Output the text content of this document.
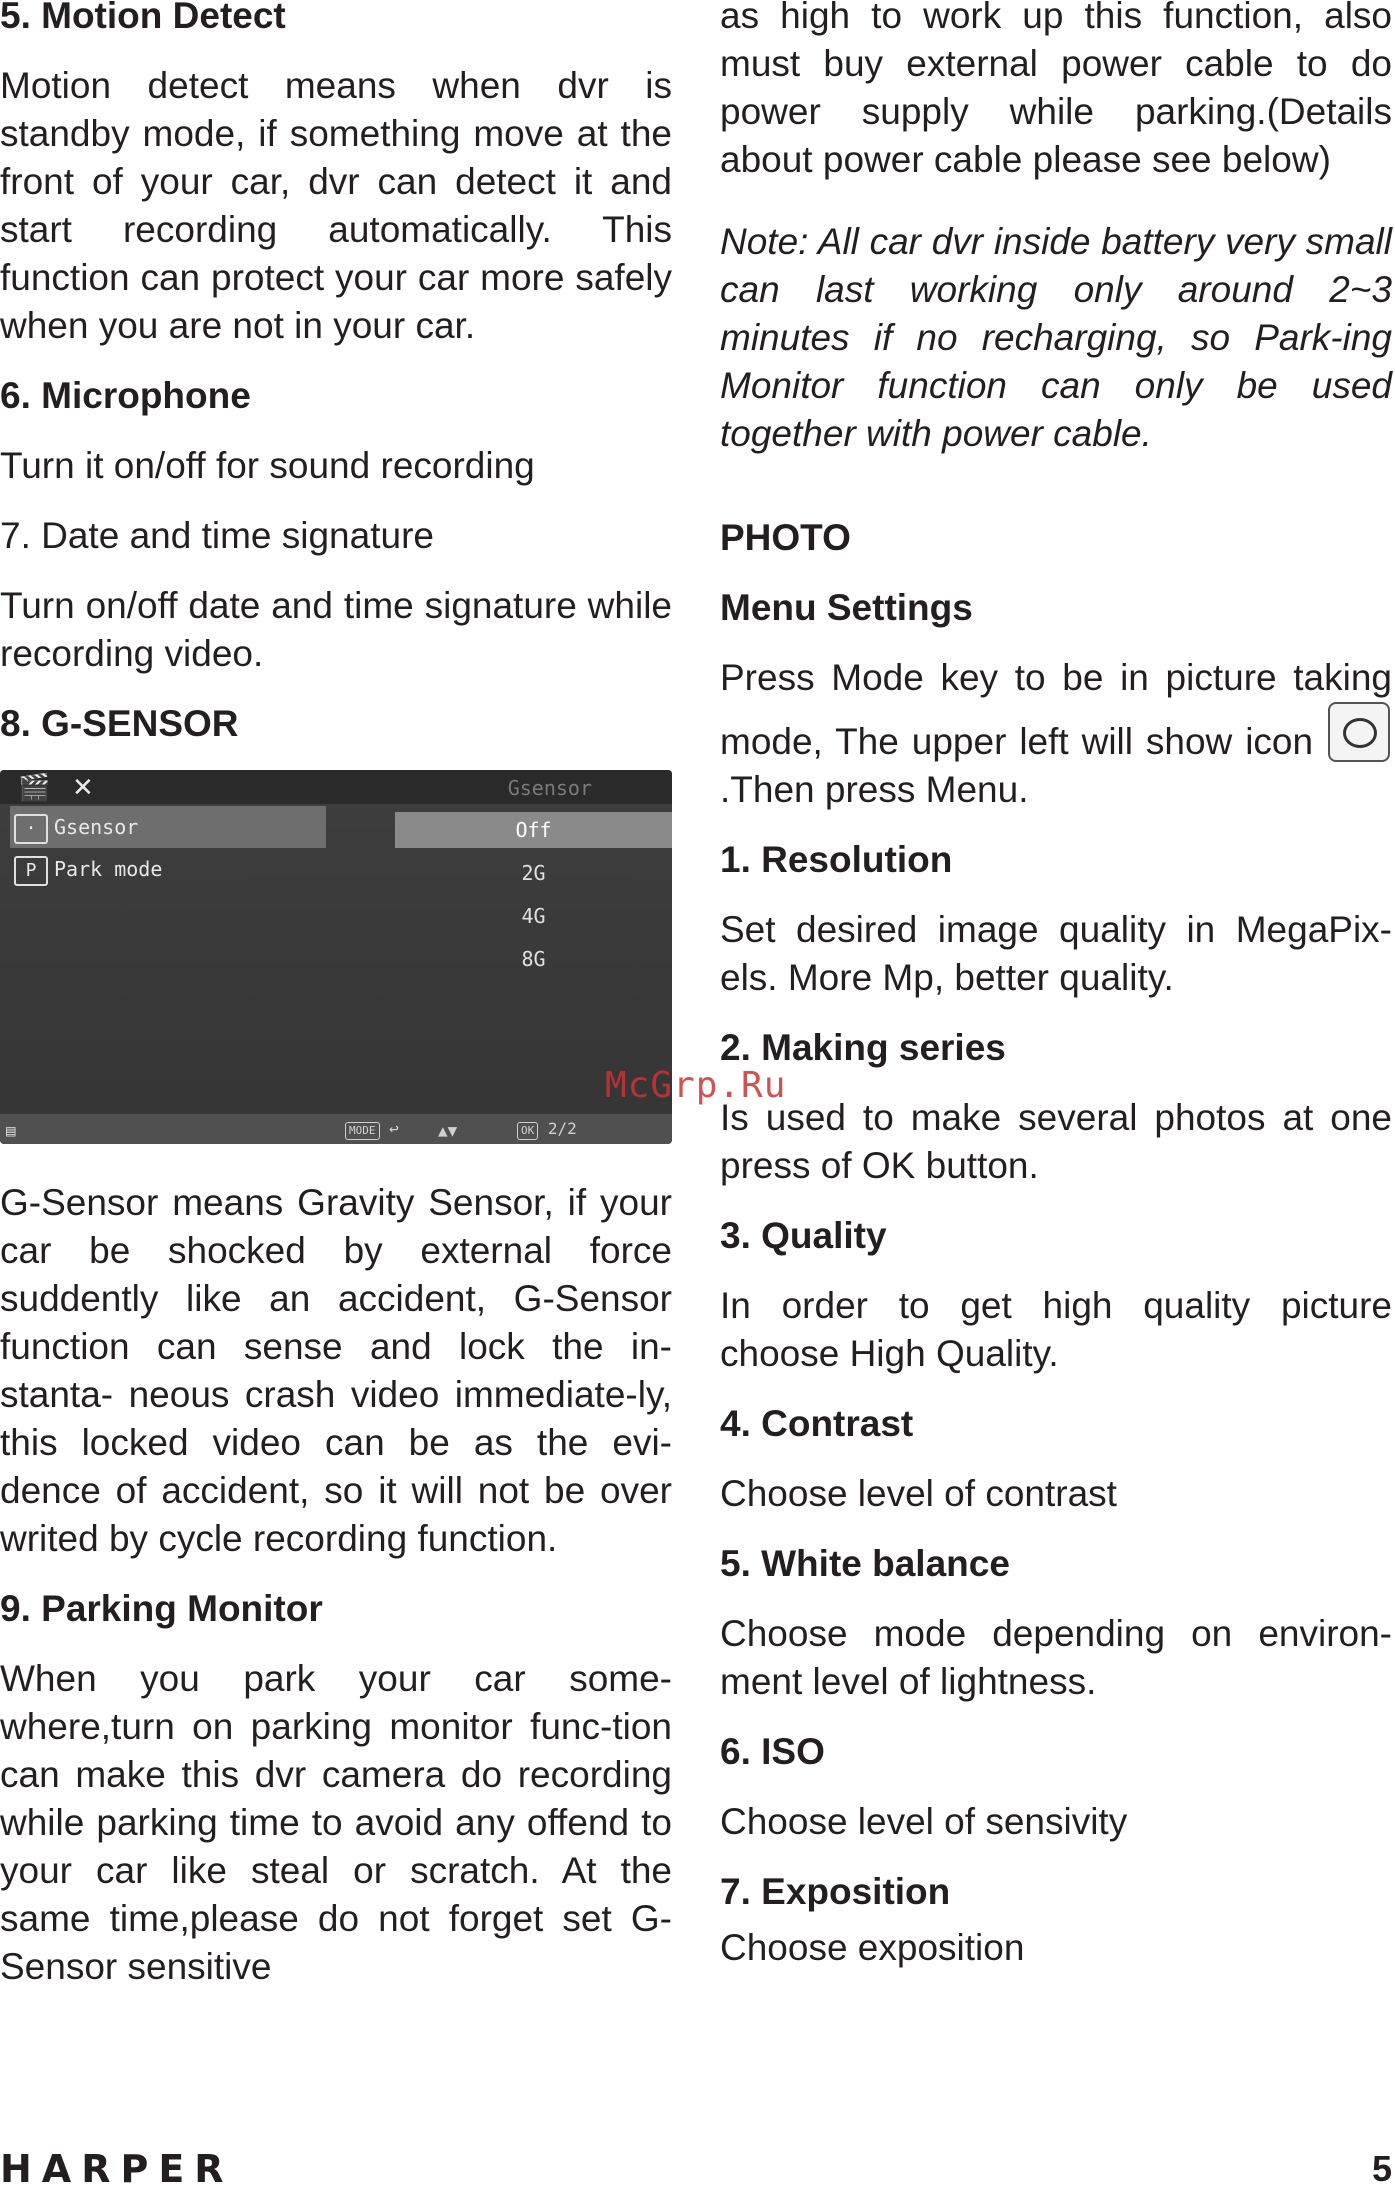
5. Motion Detect

Motion detect means when dvr is standby mode, if something move at the front of your car, dvr can detect it and start recording automatically. This function can protect your car more safely when you are not in your car.

6. Microphone

Turn it on/off for sound recording

7. Date and time signature

Turn on/off date and time signature while recording video.

8. G-SENSOR

🎬 ✕	Gsensor
· Gsensor
P Park mode
Off
2G
4G
8G
▤	MODE ↩ ▲▼	OK 2/2

G-Sensor means Gravity Sensor, if your car be shocked by external force suddently like an accident, G-Sensor function can sense and lock the in-stanta- neous crash video immediate-ly, this locked video can be as the evi-dence of accident, so it will not be over writed by cycle recording function.

9. Parking Monitor

When you park your car some-where,turn on parking monitor func-tion can make this dvr camera do recording while parking time to avoid any offend to your car like steal or scratch. At the same time,please do not forget set G-Sensor sensitive

as high to work up this function, also must buy external power cable to do power supply while parking.(Details about power cable please see below)

Note: All car dvr inside battery very small can last working only around 2~3 minutes if no recharging, so Park-ing Monitor function can only be used together with power cable.

PHOTO

Menu Settings

Press Mode key to be in picture taking mode, The upper left will show icon .Then press Menu.

1. Resolution

Set desired image quality in MegaPix-els. More Mp, better quality.

2. Making series

Is used to make several photos at one press of OK button.

3. Quality

In order to get high quality picture choose High Quality.

4. Contrast

Choose level of contrast

5. White balance

Choose mode depending on environ-ment level of lightness.

6. ISO

Choose level of sensivity

7. Exposition

Choose exposition

McGrp.Ru
HARPER	5
